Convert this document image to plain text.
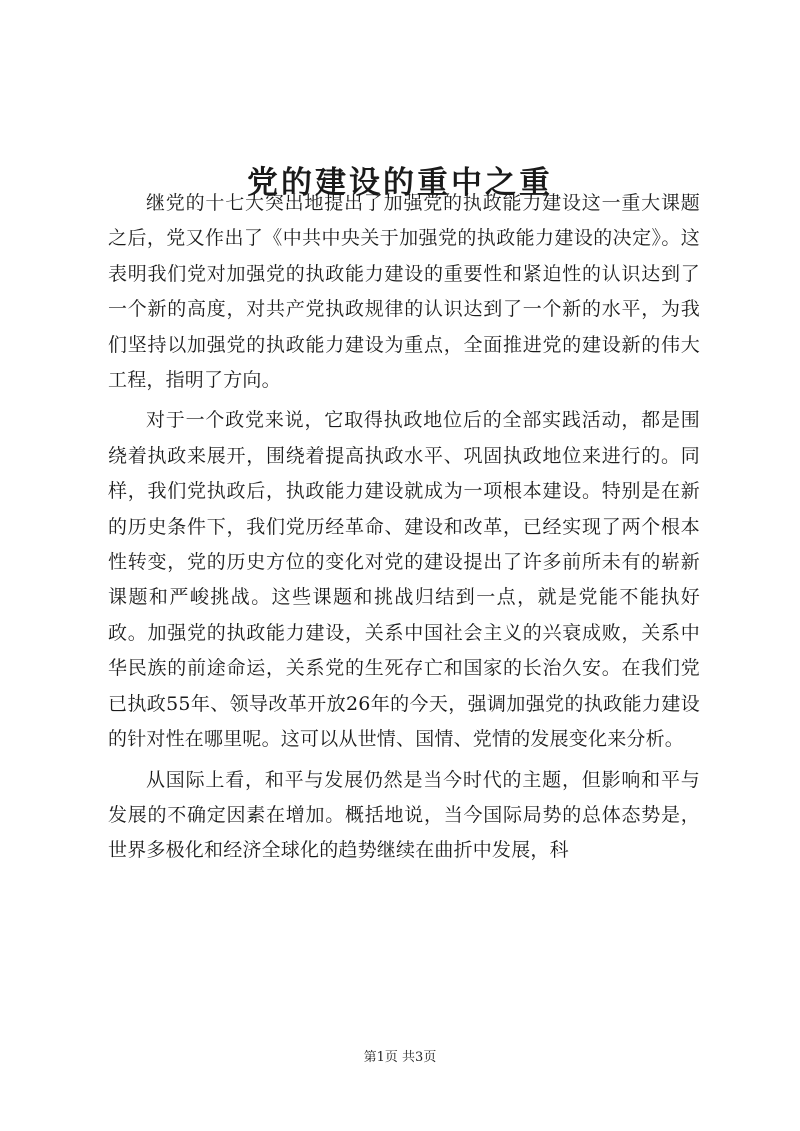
党的建设的重中之重

继党的十七大突出地提出了加强党的执政能力建设这一重大课题之后，党又作出了《中共中央关于加强党的执政能力建设的决定》。这表明我们党对加强党的执政能力建设的重要性和紧迫性的认识达到了一个新的高度，对共产党执政规律的认识达到了一个新的水平，为我们坚持以加强党的执政能力建设为重点，全面推进党的建设新的伟大工程，指明了方向。

对于一个政党来说，它取得执政地位后的全部实践活动，都是围绕着执政来展开，围绕着提高执政水平、巩固执政地位来进行的。同样，我们党执政后，执政能力建设就成为一项根本建设。特别是在新的历史条件下，我们党历经革命、建设和改革，已经实现了两个根本性转变，党的历史方位的变化对党的建设提出了许多前所未有的崭新课题和严峻挑战。这些课题和挑战归结到一点，就是党能不能执好政。加强党的执政能力建设，关系中国社会主义的兴衰成败，关系中华民族的前途命运，关系党的生死存亡和国家的长治久安。在我们党已执政55年、领导改革开放26年的今天，强调加强党的执政能力建设的针对性在哪里呢。这可以从世情、国情、党情的发展变化来分析。

从国际上看，和平与发展仍然是当今时代的主题，但影响和平与发展的不确定因素在增加。概括地说，当今国际局势的总体态势是，世界多极化和经济全球化的趋势继续在曲折中发展，科

第1页 共3页
